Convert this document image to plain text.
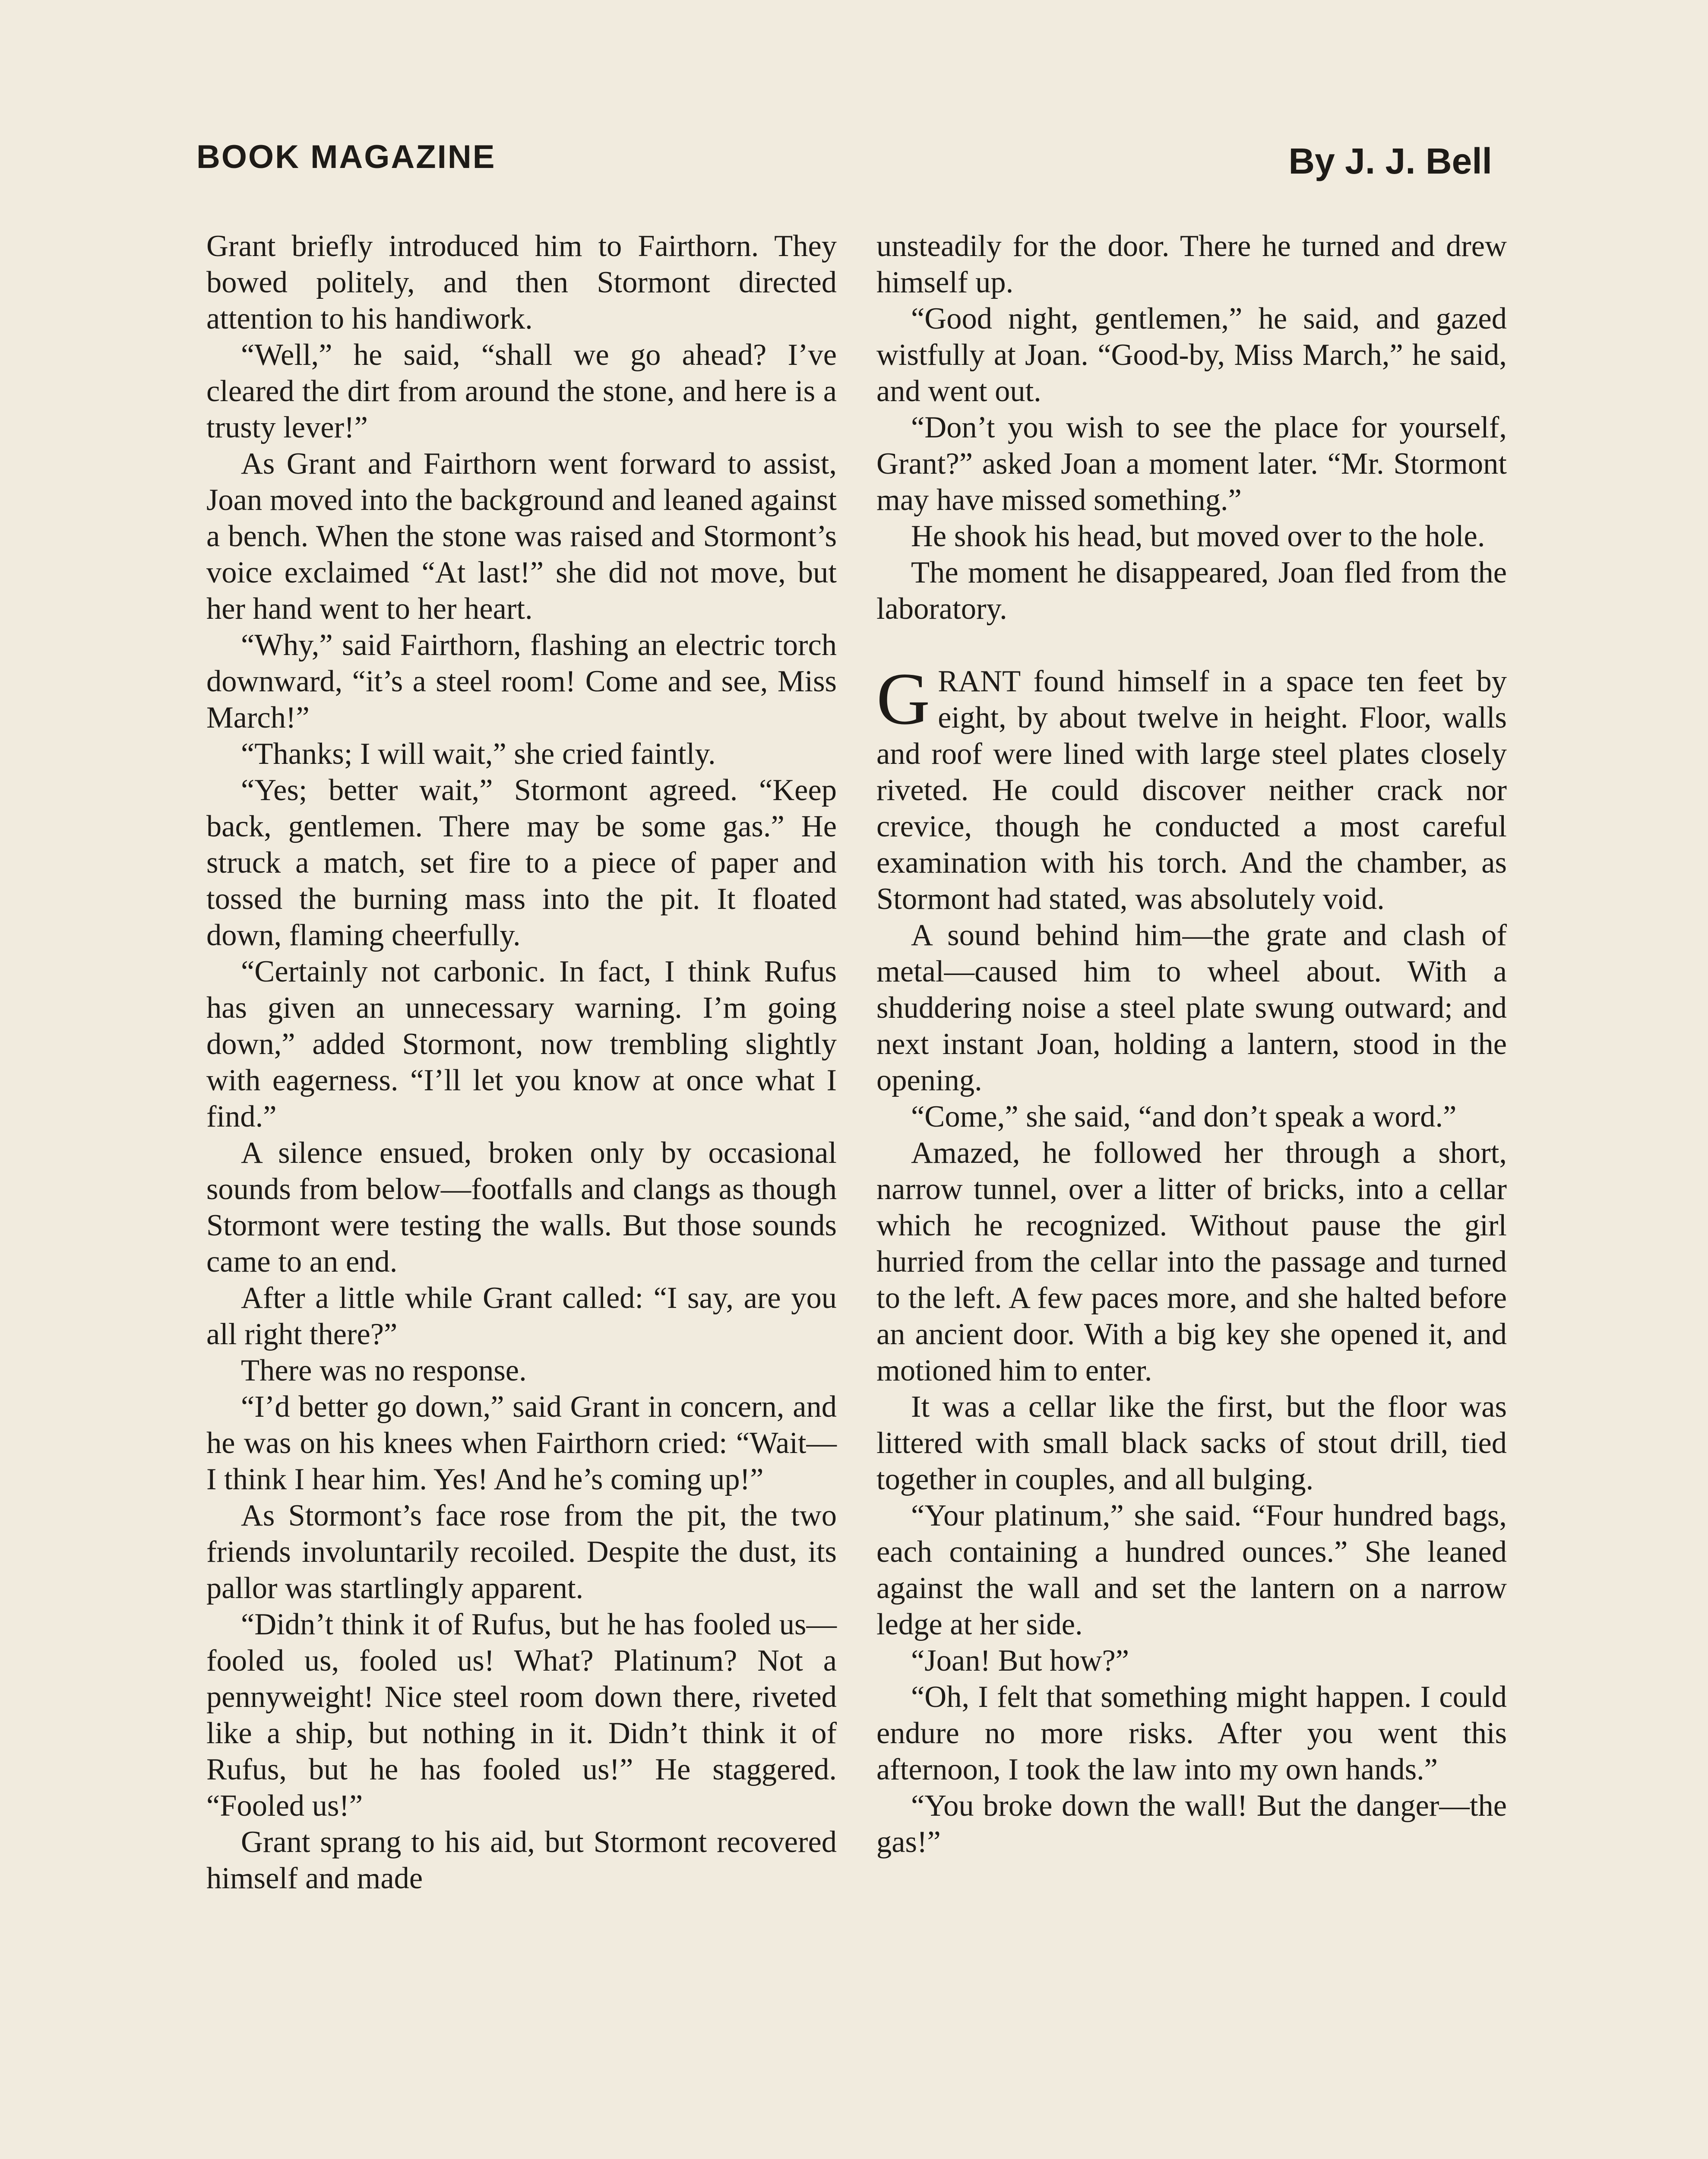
BOOK MAGAZINE	By J. J. Bell

Grant briefly introduced him to Fairthorn. They bowed politely, and then Stormont directed attention to his handiwork.

“Well,” he said, “shall we go ahead? I’ve cleared the dirt from around the stone, and here is a trusty lever!”

As Grant and Fairthorn went forward to assist, Joan moved into the background and leaned against a bench. When the stone was raised and Stormont’s voice exclaimed “At last!” she did not move, but her hand went to her heart.

“Why,” said Fairthorn, flashing an electric torch downward, “it’s a steel room! Come and see, Miss March!”

“Thanks; I will wait,” she cried faintly.

“Yes; better wait,” Stormont agreed. “Keep back, gentlemen. There may be some gas.” He struck a match, set fire to a piece of paper and tossed the burning mass into the pit. It floated down, flaming cheerfully.

“Certainly not carbonic. In fact, I think Rufus has given an unnecessary warning. I’m going down,” added Stormont, now trembling slightly with eagerness. “I’ll let you know at once what I find.”

A silence ensued, broken only by occasional sounds from below—footfalls and clangs as though Stormont were testing the walls. But those sounds came to an end.

After a little while Grant called: “I say, are you all right there?”

There was no response.

“I’d better go down,” said Grant in concern, and he was on his knees when Fairthorn cried: “Wait—I think I hear him. Yes! And he’s coming up!”

As Stormont’s face rose from the pit, the two friends involuntarily recoiled. Despite the dust, its pallor was startlingly apparent.

“Didn’t think it of Rufus, but he has fooled us—fooled us, fooled us! What? Platinum? Not a pennyweight! Nice steel room down there, riveted like a ship, but nothing in it. Didn’t think it of Rufus, but he has fooled us!” He staggered. “Fooled us!”

Grant sprang to his aid, but Stormont recovered himself and made

unsteadily for the door. There he turned and drew himself up.

“Good night, gentlemen,” he said, and gazed wistfully at Joan. “Good-by, Miss March,” he said, and went out.

“Don’t you wish to see the place for yourself, Grant?” asked Joan a moment later. “Mr. Stormont may have missed something.”

He shook his head, but moved over to the hole.

The moment he disappeared, Joan fled from the laboratory.

GRANT found himself in a space ten feet by eight, by about twelve in height. Floor, walls and roof were lined with large steel plates closely riveted. He could discover neither crack nor crevice, though he conducted a most careful examination with his torch. And the chamber, as Stormont had stated, was absolutely void.

A sound behind him—the grate and clash of metal—caused him to wheel about. With a shuddering noise a steel plate swung outward; and next instant Joan, holding a lantern, stood in the opening.

“Come,” she said, “and don’t speak a word.”

Amazed, he followed her through a short, narrow tunnel, over a litter of bricks, into a cellar which he recognized. Without pause the girl hurried from the cellar into the passage and turned to the left. A few paces more, and she halted before an ancient door. With a big key she opened it, and motioned him to enter.

It was a cellar like the first, but the floor was littered with small black sacks of stout drill, tied together in couples, and all bulging.

“Your platinum,” she said. “Four hundred bags, each containing a hundred ounces.” She leaned against the wall and set the lantern on a narrow ledge at her side.

“Joan! But how?”

“Oh, I felt that something might happen. I could endure no more risks. After you went this afternoon, I took the law into my own hands.”

“You broke down the wall! But the danger—the gas!”
